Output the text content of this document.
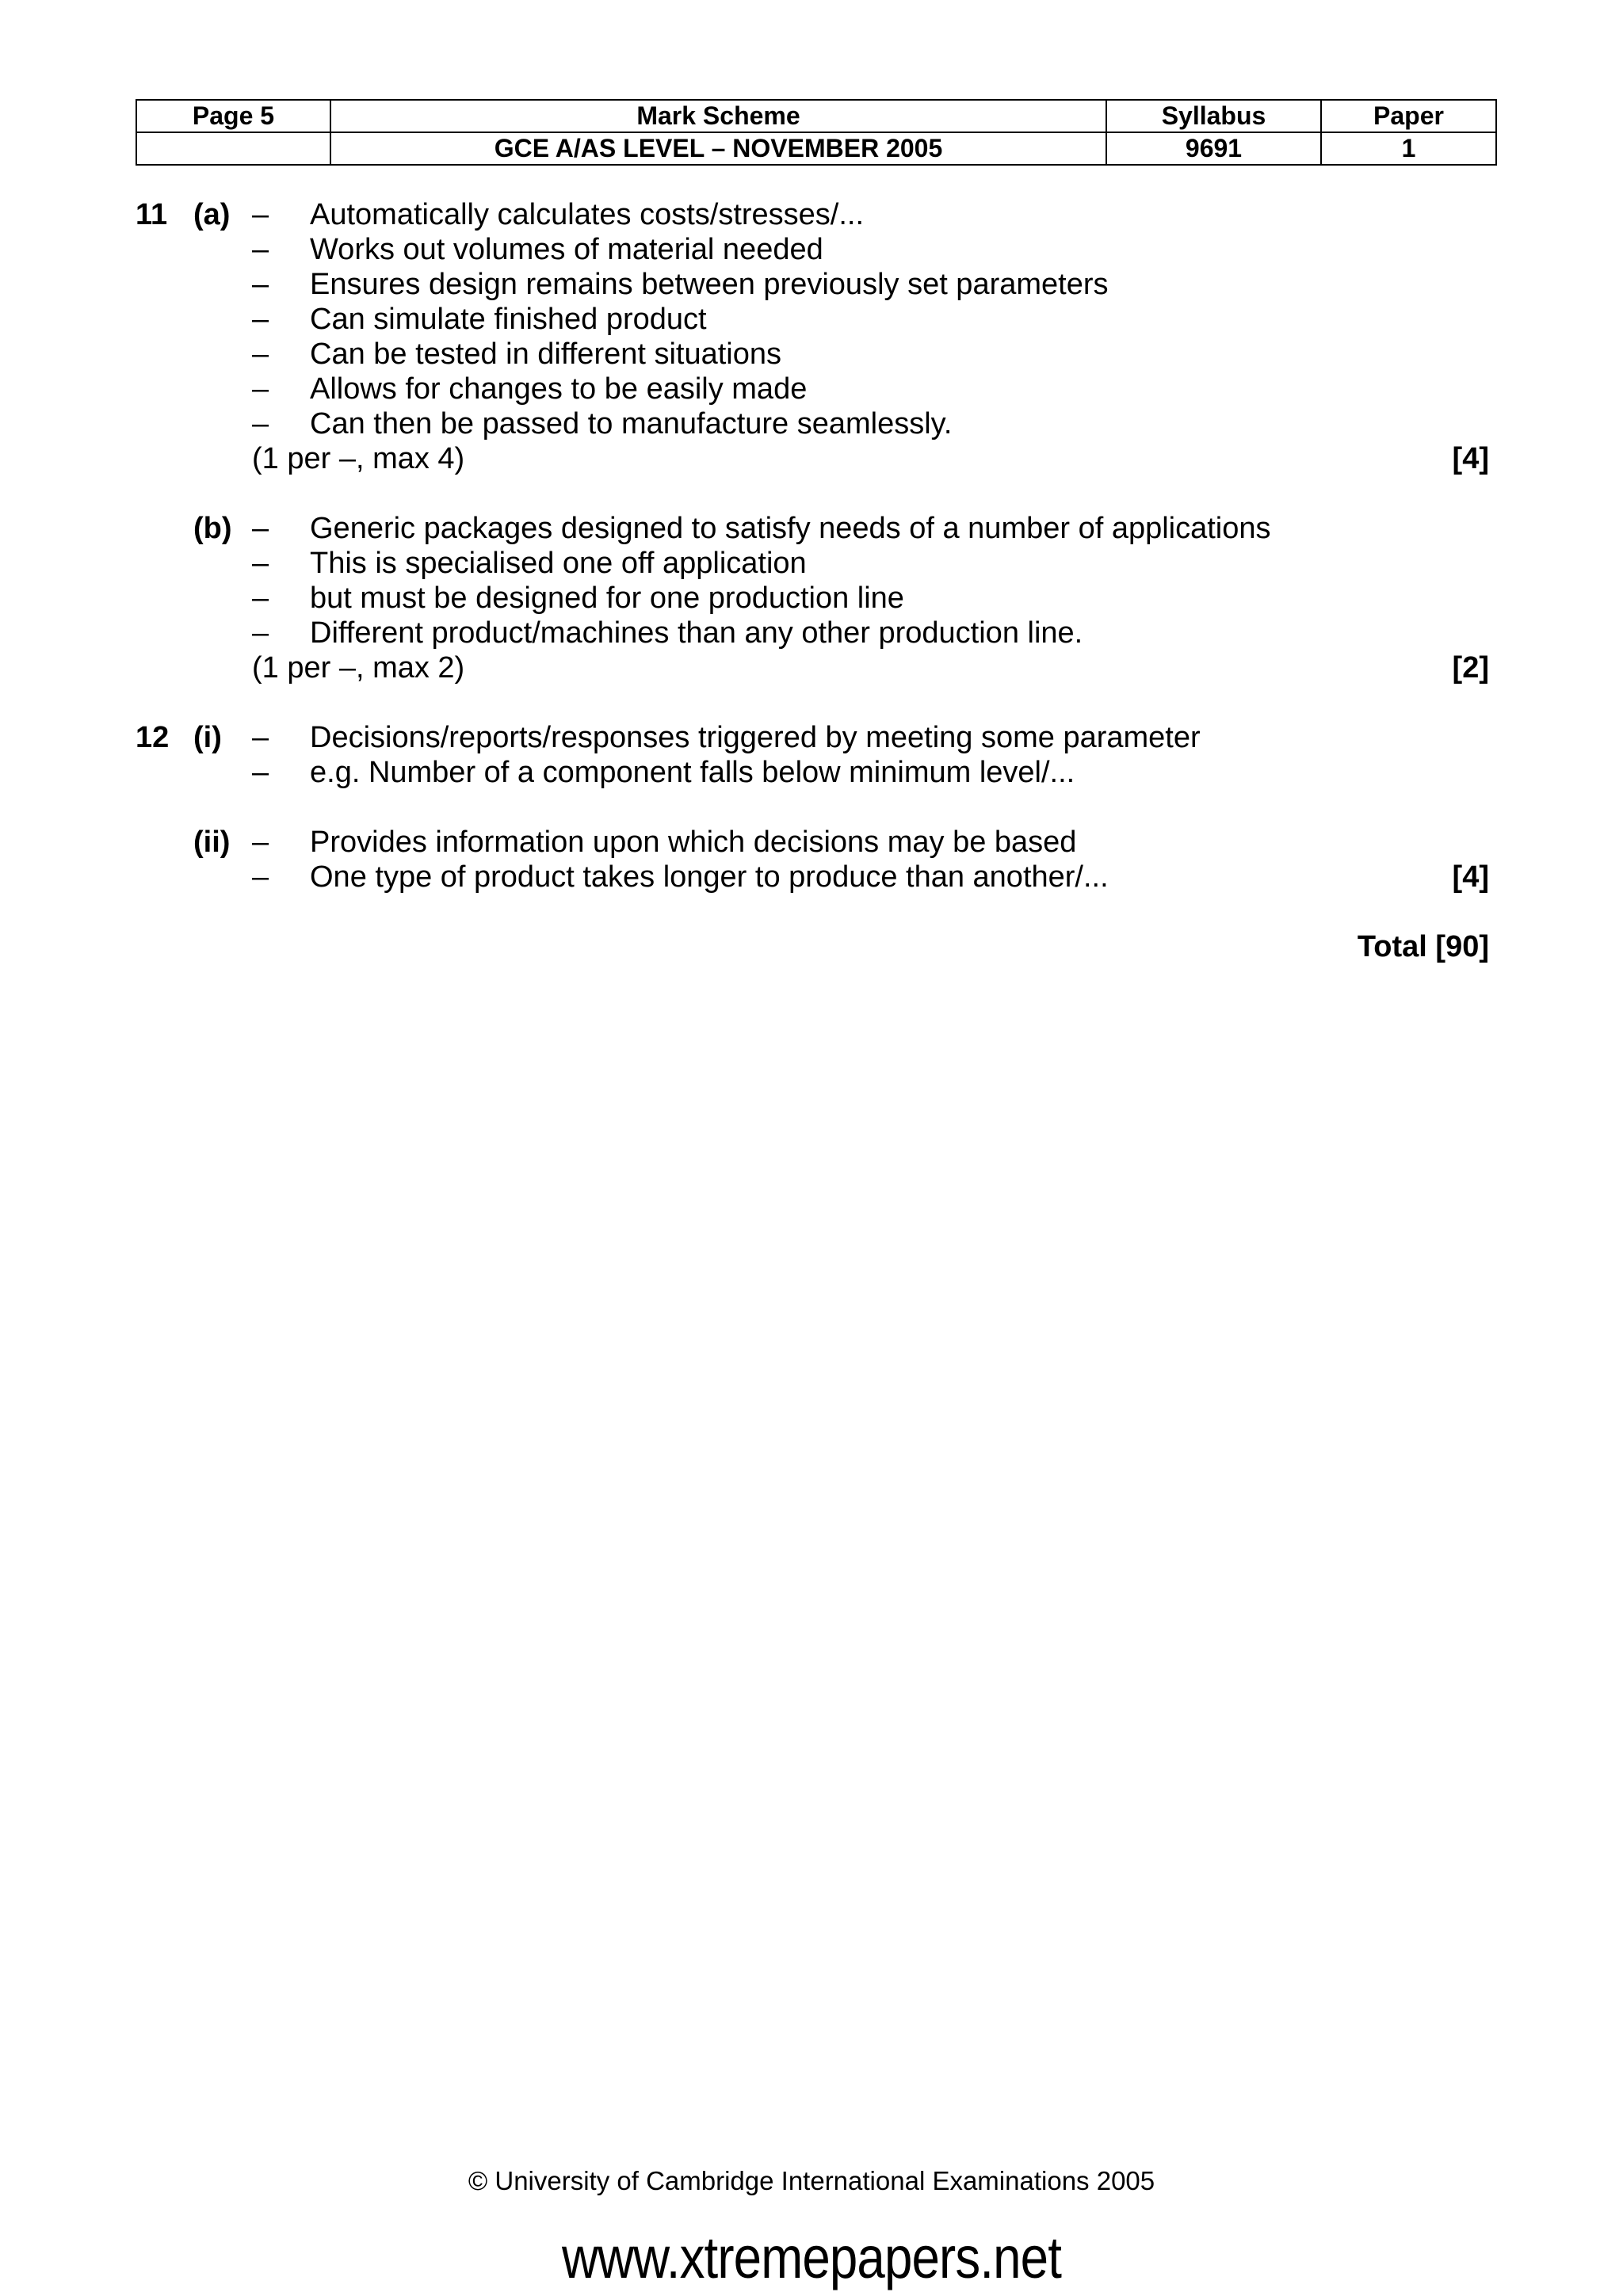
Page 5	Mark Scheme	Syllabus	Paper
	GCE A/AS LEVEL – NOVEMBER 2005	9691	1
11 (a) – Automatically calculates costs/stresses/...
– Works out volumes of material needed
– Ensures design remains between previously set parameters
– Can simulate finished product
– Can be tested in different situations
– Allows for changes to be easily made
– Can then be passed to manufacture seamlessly.
(1 per –, max 4)	[4]
(b) – Generic packages designed to satisfy needs of a number of applications
– This is specialised one off application
– but must be designed for one production line
– Different product/machines than any other production line.
(1 per –, max 2)	[2]
12 (i) – Decisions/reports/responses triggered by meeting some parameter
– e.g. Number of a component falls below minimum level/...
(ii) – Provides information upon which decisions may be based
– One type of product takes longer to produce than another/...	[4]
Total [90]
© University of Cambridge International Examinations 2005
www.xtremepapers.net
